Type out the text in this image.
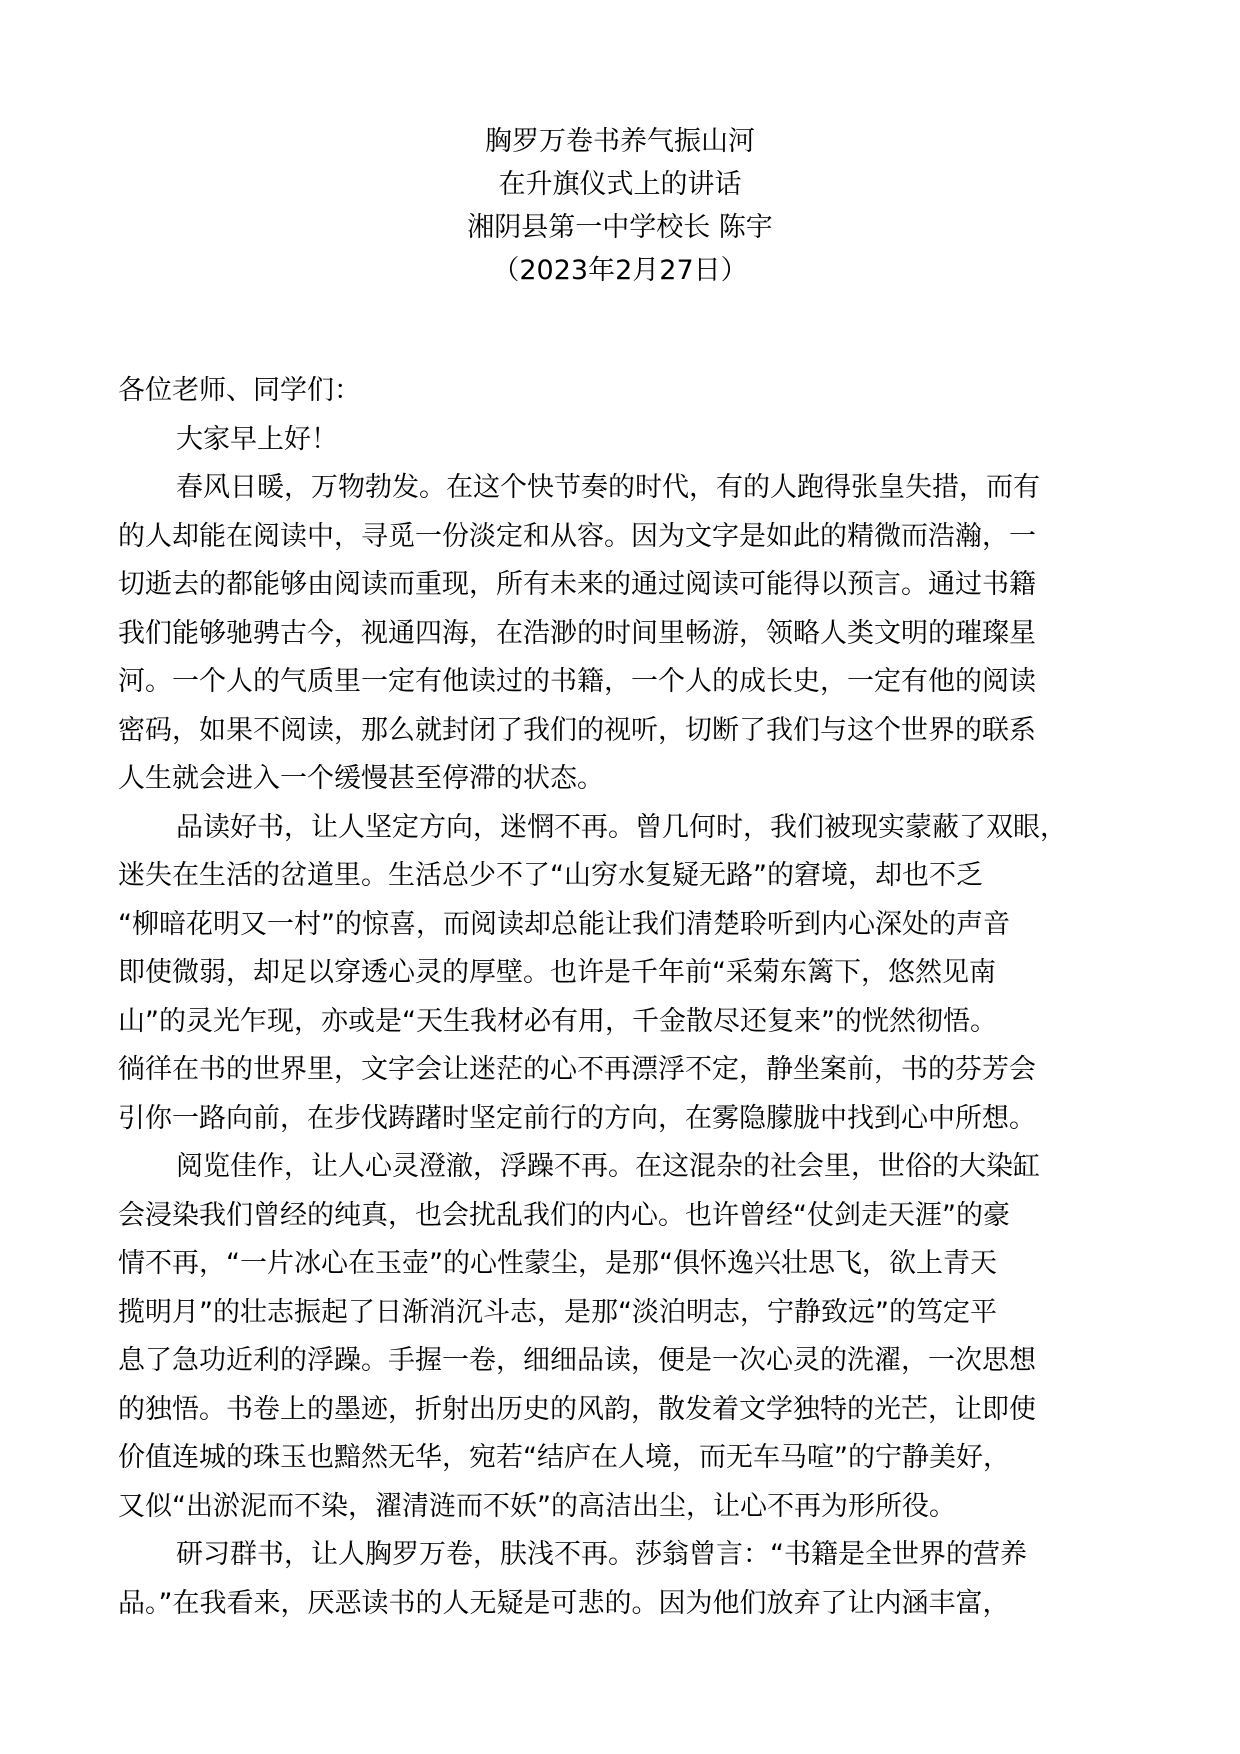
胸罗万卷书养气振山河
在升旗仪式上的讲话
湘阴县第一中学校长 陈宇
（2023年2月27日）
各位老师、同学们：
大家早上好！
春风日暖，万物勃发。在这个快节奏的时代，有的人跑得张皇失措，而有
的人却能在阅读中，寻觅一份淡定和从容。因为文字是如此的精微而浩瀚，一
切逝去的都能够由阅读而重现，所有未来的通过阅读可能得以预言。通过书籍
我们能够驰骋古今，视通四海，在浩渺的时间里畅游，领略人类文明的璀璨星
河。一个人的气质里一定有他读过的书籍，一个人的成长史，一定有他的阅读
密码，如果不阅读，那么就封闭了我们的视听，切断了我们与这个世界的联系
人生就会进入一个缓慢甚至停滞的状态。
品读好书，让人坚定方向，迷惘不再。曾几何时，我们被现实蒙蔽了双眼，
迷失在生活的岔道里。生活总少不了“山穷水复疑无路”的窘境，却也不乏
“柳暗花明又一村”的惊喜，而阅读却总能让我们清楚聆听到内心深处的声音
即使微弱，却足以穿透心灵的厚壁。也许是千年前“采菊东篱下，悠然见南
山”的灵光乍现，亦或是“天生我材必有用，千金散尽还复来”的恍然彻悟。
徜徉在书的世界里，文字会让迷茫的心不再漂浮不定，静坐案前，书的芬芳会
引你一路向前，在步伐踌躇时坚定前行的方向，在雾隐朦胧中找到心中所想。
阅览佳作，让人心灵澄澈，浮躁不再。在这混杂的社会里，世俗的大染缸
会浸染我们曾经的纯真，也会扰乱我们的内心。也许曾经“仗剑走天涯”的豪
情不再，“一片冰心在玉壶”的心性蒙尘，是那“俱怀逸兴壮思飞，欲上青天
揽明月”的壮志振起了日渐消沉斗志，是那“淡泊明志，宁静致远”的笃定平
息了急功近利的浮躁。手握一卷，细细品读，便是一次心灵的洗濯，一次思想
的独悟。书卷上的墨迹，折射出历史的风韵，散发着文学独特的光芒，让即使
价值连城的珠玉也黯然无华，宛若“结庐在人境，而无车马喧”的宁静美好，
又似“出淤泥而不染，濯清涟而不妖”的高洁出尘，让心不再为形所役。
研习群书，让人胸罗万卷，肤浅不再。莎翁曾言：“书籍是全世界的营养
品。”在我看来，厌恶读书的人无疑是可悲的。因为他们放弃了让内涵丰富，
